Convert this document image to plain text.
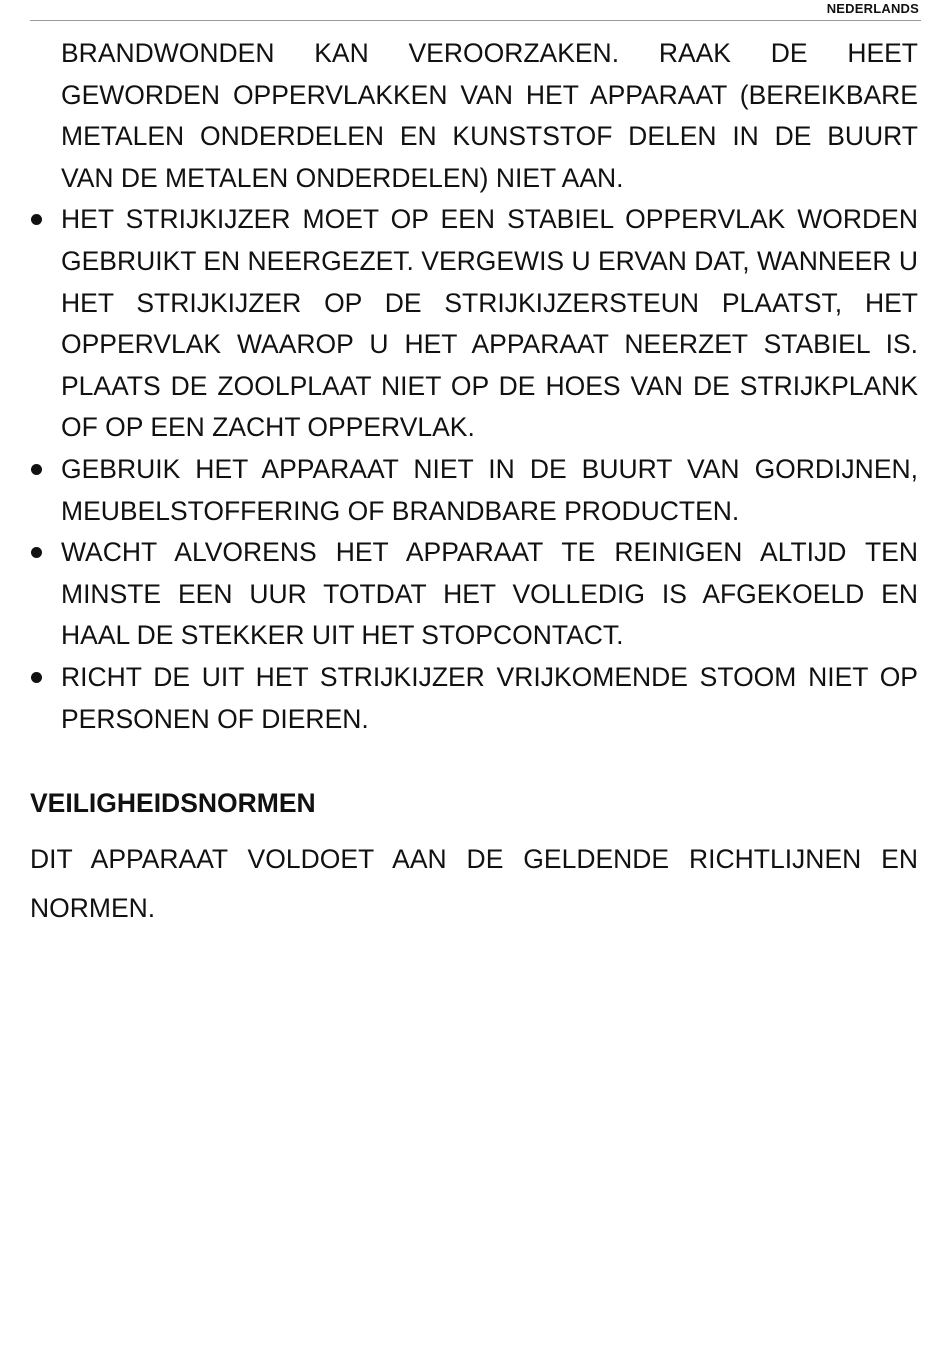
NEDERLANDS

BRANDWONDEN KAN VEROORZAKEN. RAAK DE HEET GEWORDEN OPPERVLAKKEN VAN HET APPARAAT (BEREIKBARE METALEN ONDERDELEN EN KUNSTSTOF DELEN IN DE BUURT VAN DE METALEN ONDERDELEN) NIET AAN.

HET STRIJKIJZER MOET OP EEN STABIEL OPPERVLAK WORDEN GEBRUIKT EN NEERGEZET. VERGEWIS U ERVAN DAT, WANNEER U HET STRIJKIJZER OP DE STRIJKIJZERSTEUN PLAATST, HET OPPERVLAK WAAROP U HET APPARAAT NEERZET STABIEL IS. PLAATS DE ZOOLPLAAT NIET OP DE HOES VAN DE STRIJKPLANK OF OP EEN ZACHT OPPERVLAK.

GEBRUIK HET APPARAAT NIET IN DE BUURT VAN GORDIJNEN, MEUBELSTOFFERING OF BRANDBARE PRODUCTEN.

WACHT ALVORENS HET APPARAAT TE REINIGEN ALTIJD TEN MINSTE EEN UUR TOTDAT HET VOLLEDIG IS AFGEKOELD EN HAAL DE STEKKER UIT HET STOPCONTACT.

RICHT DE UIT HET STRIJKIJZER VRIJKOMENDE STOOM NIET OP PERSONEN OF DIEREN.

VEILIGHEIDSNORMEN

DIT APPARAAT VOLDOET AAN DE GELDENDE RICHTLIJNEN EN NORMEN.
